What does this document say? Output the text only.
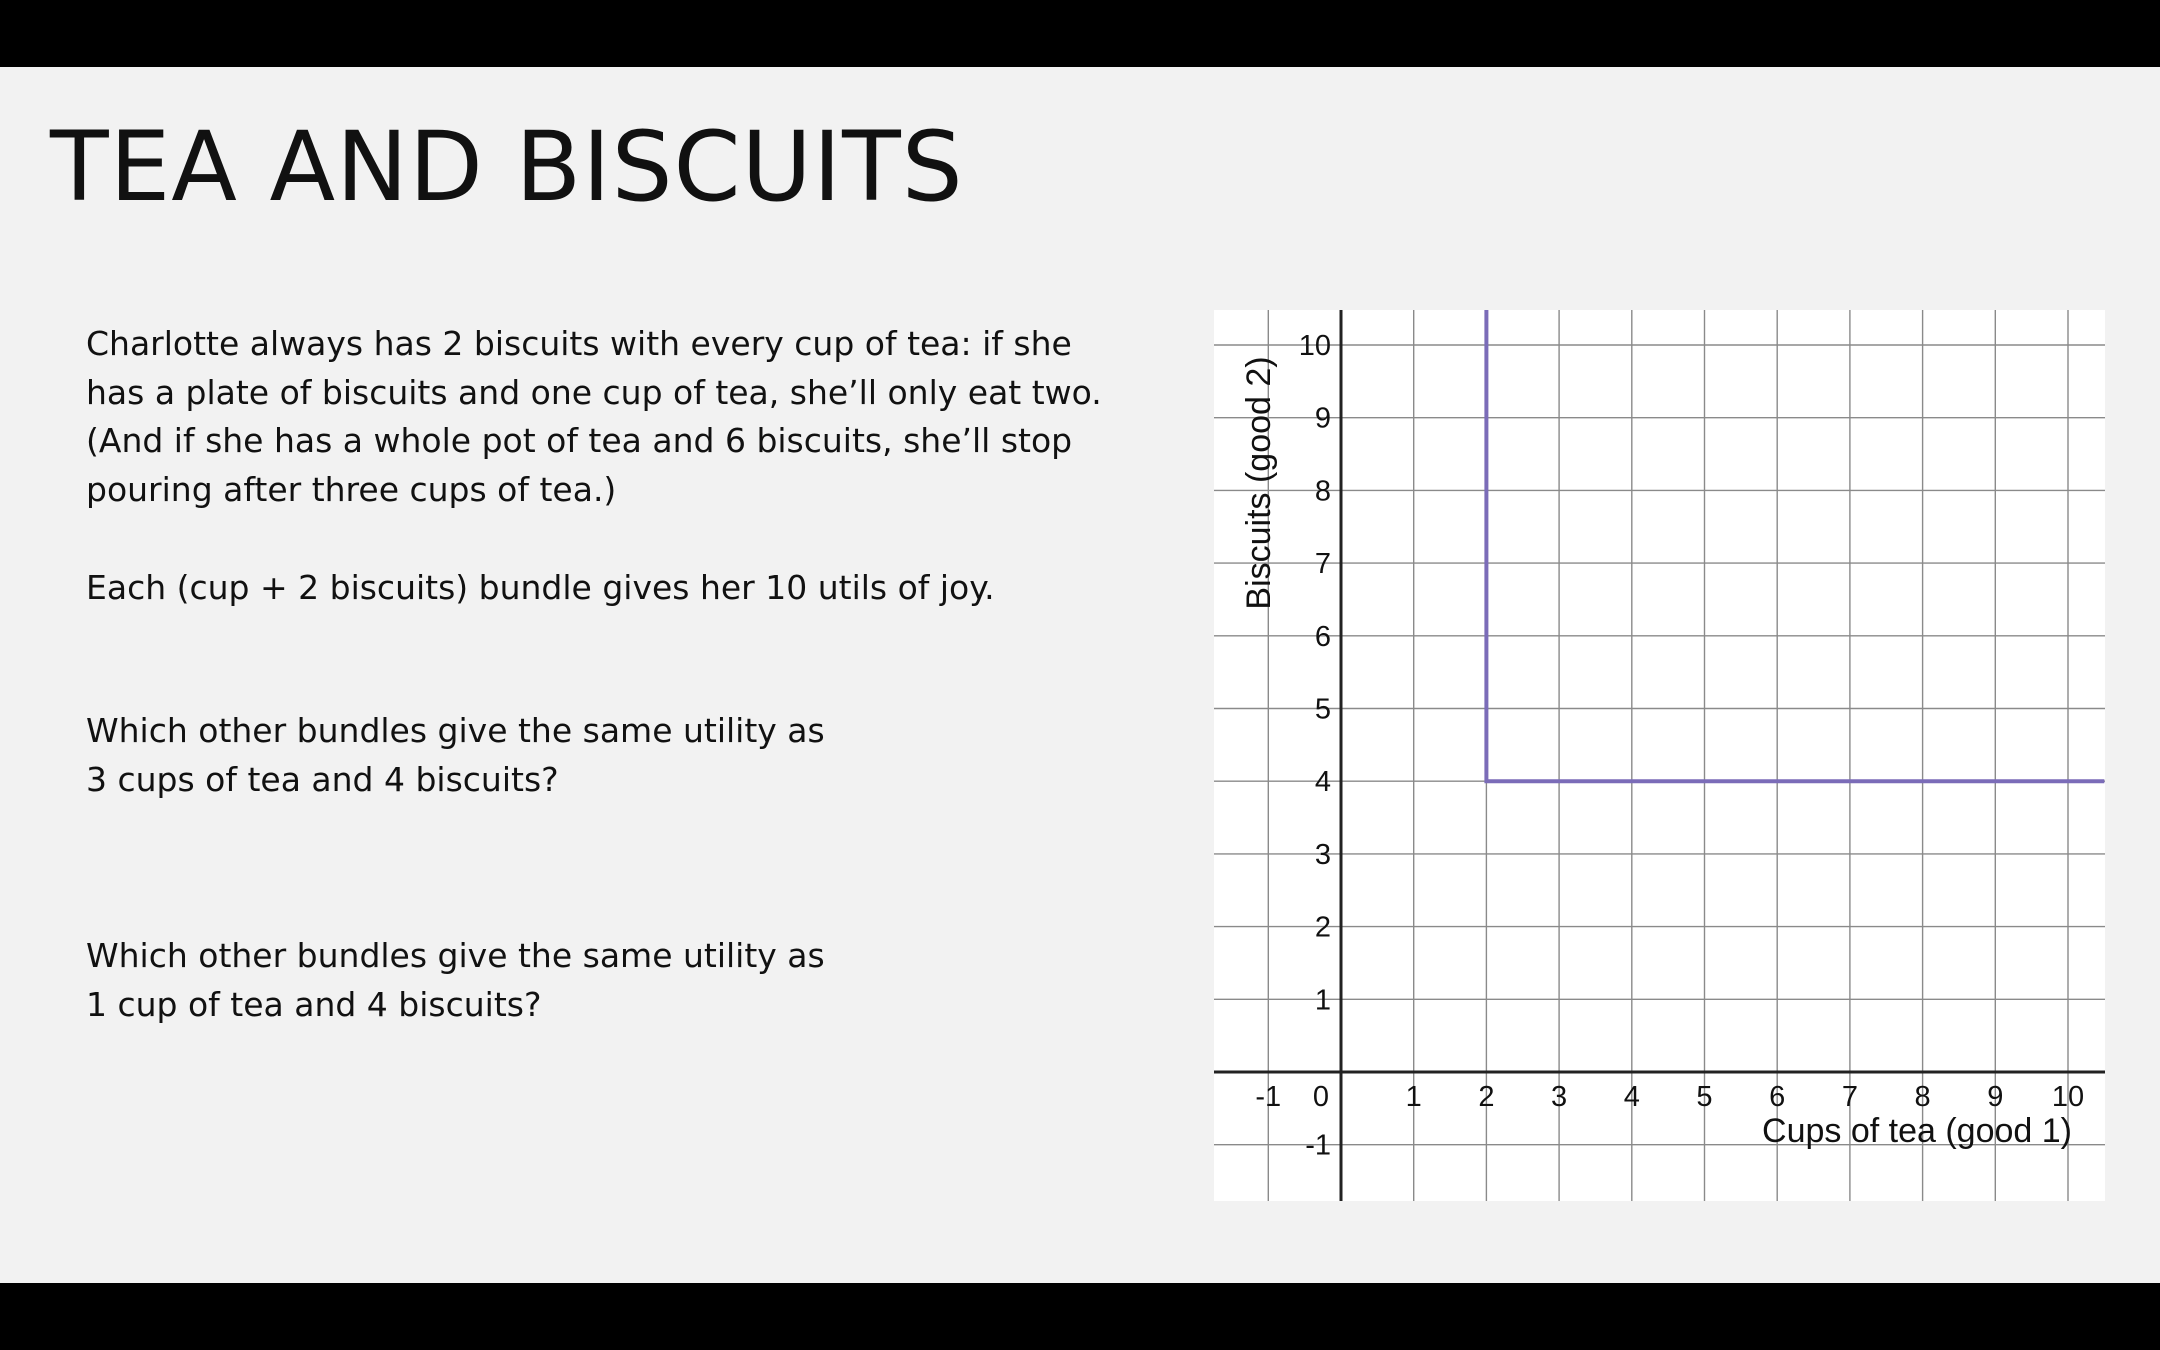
TEA AND BISCUITS
Charlotte always has 2 biscuits with every cup of tea: if she
has a plate of biscuits and one cup of tea, she’ll only eat two.
(And if she has a whole pot of tea and 6 biscuits, she’ll stop
pouring after three cups of tea.)
Each (cup + 2 biscuits) bundle gives her 10 utils of joy.
Which other bundles give the same utility as
3 cups of tea and 4 biscuits?
Which other bundles give the same utility as
1 cup of tea and 4 biscuits?
-1	1 2 3 4 5 6 7 8 9 10
0
-1
1
2
3
4
5
6
7
8
9
10
Cups of tea (good 1)
Biscuits (good 2)
